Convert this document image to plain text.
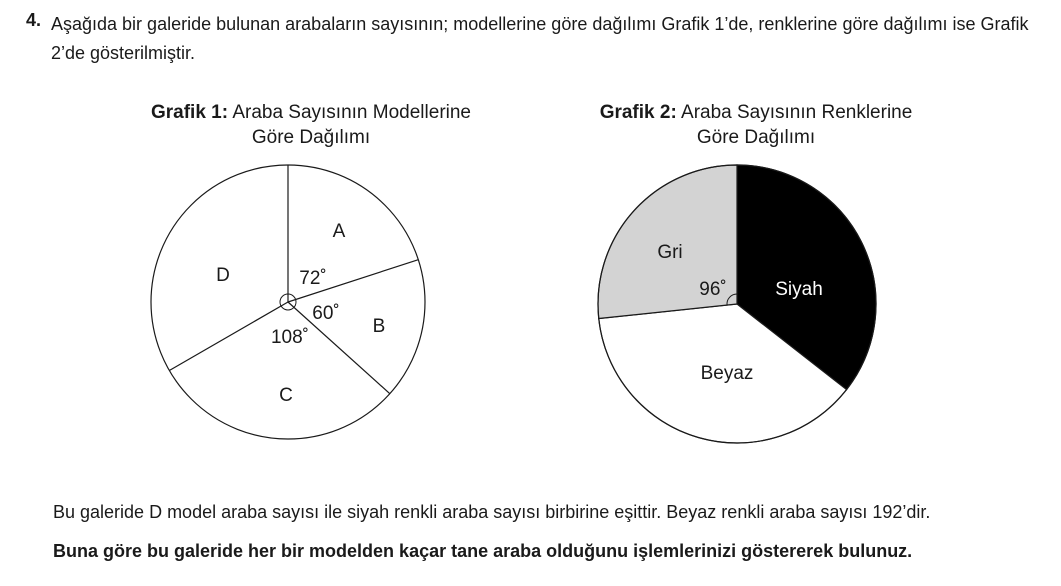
4. Aşağıda bir galeride bulunan arabaların sayısının; modellerine göre dağılımı Grafik 1’de, renklerine göre dağılımı ise Grafik 2’de gösterilmiştir.
Grafik 1: Araba Sayısının Modellerine
Göre Dağılımı
Grafik 2: Araba Sayısının Renklerine
Göre Dağılımı
A
B
C
D	72˚
60˚
108˚
Siyah
Beyaz
Gri
96˚
Bu galeride D model araba sayısı ile siyah renkli araba sayısı birbirine eşittir. Beyaz renkli araba sayısı 192’dir.
Buna göre bu galeride her bir modelden kaçar tane araba olduğunu işlemlerinizi göstererek bulunuz.
